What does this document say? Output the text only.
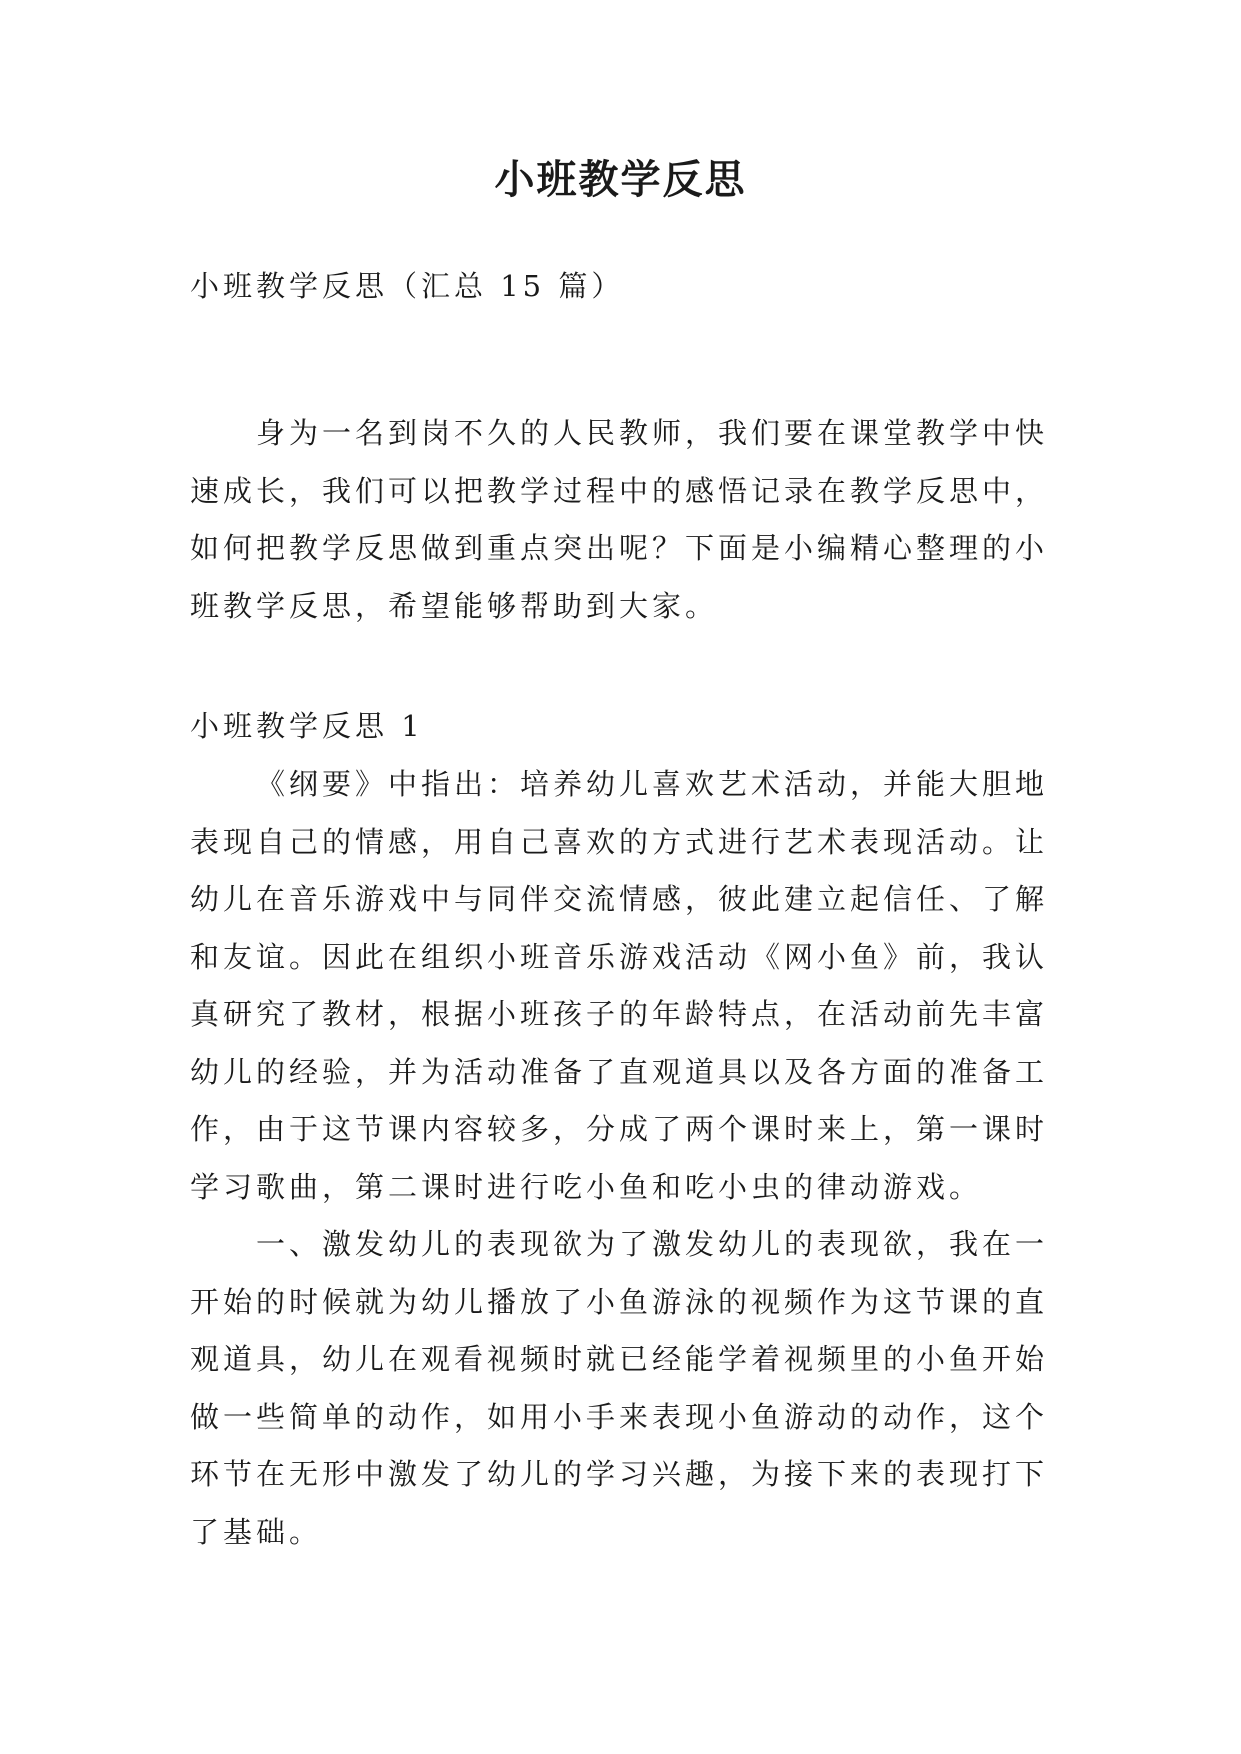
小班教学反思

小班教学反思（汇总 15 篇）

身为一名到岗不久的人民教师，我们要在课堂教学中快速成长，我们可以把教学过程中的感悟记录在教学反思中，如何把教学反思做到重点突出呢？下面是小编精心整理的小班教学反思，希望能够帮助到大家。

小班教学反思 1

《纲要》中指出：培养幼儿喜欢艺术活动，并能大胆地表现自己的情感，用自己喜欢的方式进行艺术表现活动。让幼儿在音乐游戏中与同伴交流情感，彼此建立起信任、了解和友谊。因此在组织小班音乐游戏活动《网小鱼》前，我认真研究了教材，根据小班孩子的年龄特点，在活动前先丰富幼儿的经验，并为活动准备了直观道具以及各方面的准备工作，由于这节课内容较多，分成了两个课时来上，第一课时学习歌曲，第二课时进行吃小鱼和吃小虫的律动游戏。

一、激发幼儿的表现欲为了激发幼儿的表现欲，我在一开始的时候就为幼儿播放了小鱼游泳的视频作为这节课的直观道具，幼儿在观看视频时就已经能学着视频里的小鱼开始做一些简单的动作，如用小手来表现小鱼游动的动作，这个环节在无形中激发了幼儿的学习兴趣，为接下来的表现打下了基础。
